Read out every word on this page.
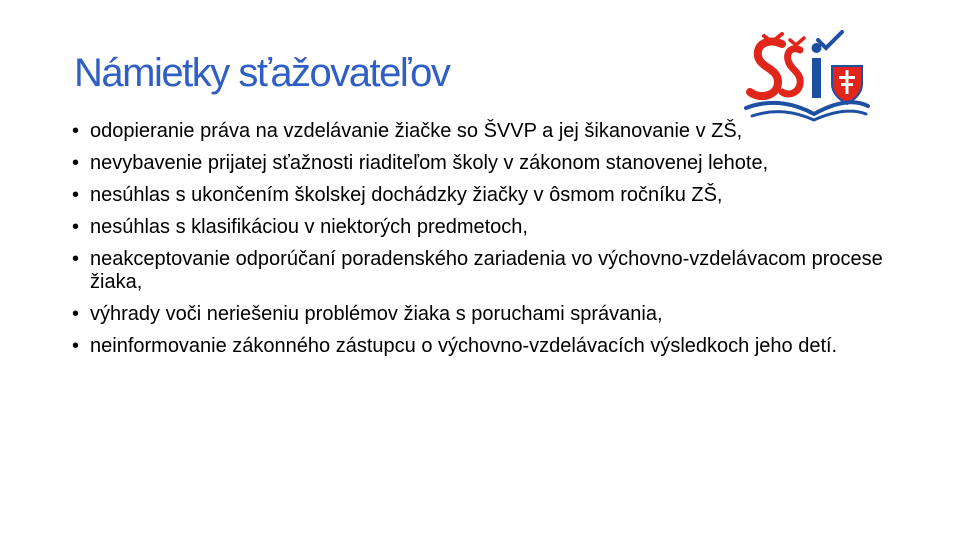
Námietky sťažovateľov
• odopieranie práva na vzdelávanie žiačke so ŠVVP a jej šikanovanie v ZŠ,
• nevybavenie prijatej sťažnosti riaditeľom školy v zákonom stanovenej lehote,
• nesúhlas s ukončením školskej dochádzky žiačky v ôsmom ročníku ZŠ,
• nesúhlas s klasifikáciou v niektorých predmetoch,
• neakceptovanie odporúčaní poradenského zariadenia vo výchovno-vzdelávacom procese žiaka,
• výhrady voči neriešeniu problémov žiaka s poruchami správania,
• neinformovanie zákonného zástupcu o výchovno-vzdelávacích výsledkoch jeho detí.
